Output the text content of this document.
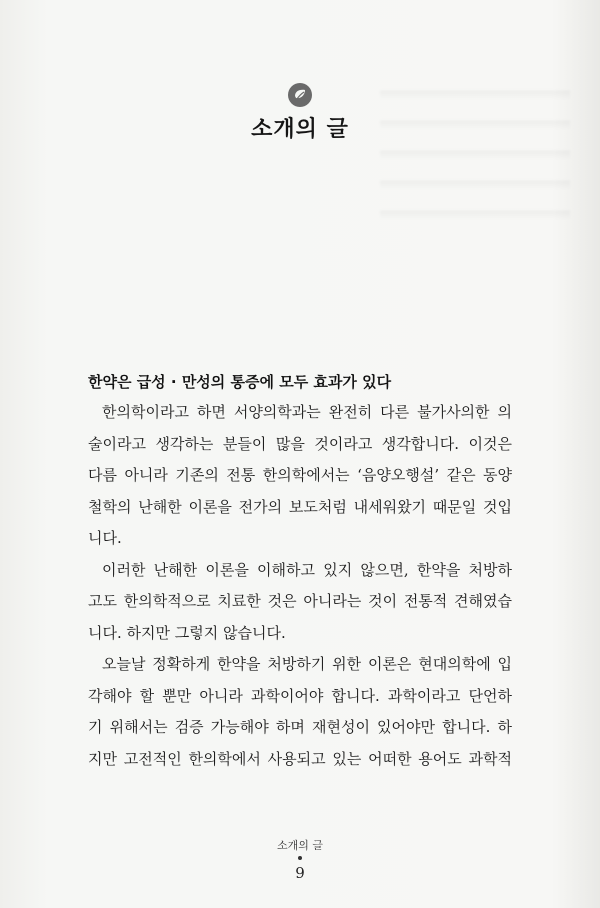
소개의 글
한약은 급성 · 만성의 통증에 모두 효과가 있다
한의학이라고 하면 서양의학과는 완전히 다른 불가사의한 의
술이라고 생각하는 분들이 많을 것이라고 생각합니다. 이것은
다름 아니라 기존의 전통 한의학에서는 ‘음양오행설’ 같은 동양
철학의 난해한 이론을 전가의 보도처럼 내세워왔기 때문일 것입
니다.
이러한 난해한 이론을 이해하고 있지 않으면, 한약을 처방하
고도 한의학적으로 치료한 것은 아니라는 것이 전통적 견해였습
니다. 하지만 그렇지 않습니다.
오늘날 정확하게 한약을 처방하기 위한 이론은 현대의학에 입
각해야 할 뿐만 아니라 과학이어야 합니다. 과학이라고 단언하
기 위해서는 검증 가능해야 하며 재현성이 있어야만 합니다. 하
지만 고전적인 한의학에서 사용되고 있는 어떠한 용어도 과학적
소개의 글
9
